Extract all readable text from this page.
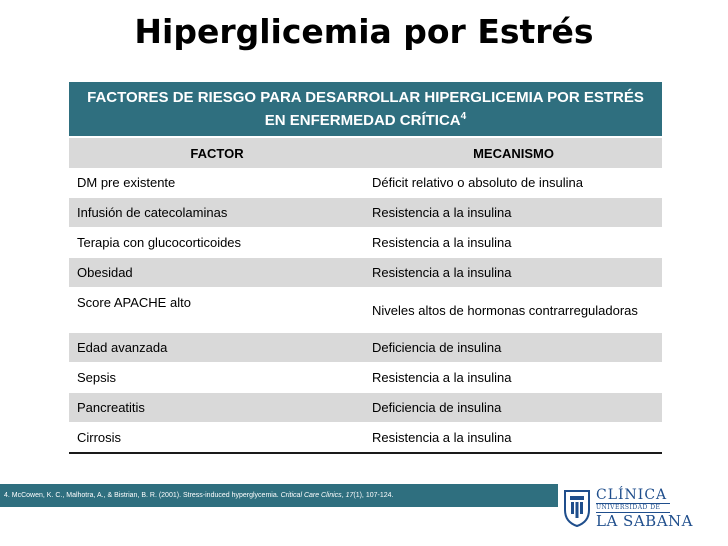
Hiperglicemia por Estrés
FACTORES DE RIESGO PARA DESARROLLAR HIPERGLICEMIA POR ESTRÉS EN ENFERMEDAD CRÍTICA$^4$
FACTOR	MECANISMO
DM pre existente	Déficit relativo o absoluto de insulina
Infusión de catecolaminas	Resistencia a la insulina
Terapia con glucocorticoides	Resistencia a la insulina
Obesidad	Resistencia a la insulina
Score APACHE alto	Niveles altos de hormonas contrarreguladoras
Edad avanzada	Deficiencia de insulina
Sepsis	Resistencia a la insulina
Pancreatitis	Deficiencia de insulina
Cirrosis	Resistencia a la insulina
4. McCowen, K. C., Malhotra, A., & Bistrian, B. R. (2001). Stress-induced hyperglycemia. Critical Care Clinics, 17(1), 107-124.	CLÍNICA
UNIVERSIDAD DE
LA SABANA
